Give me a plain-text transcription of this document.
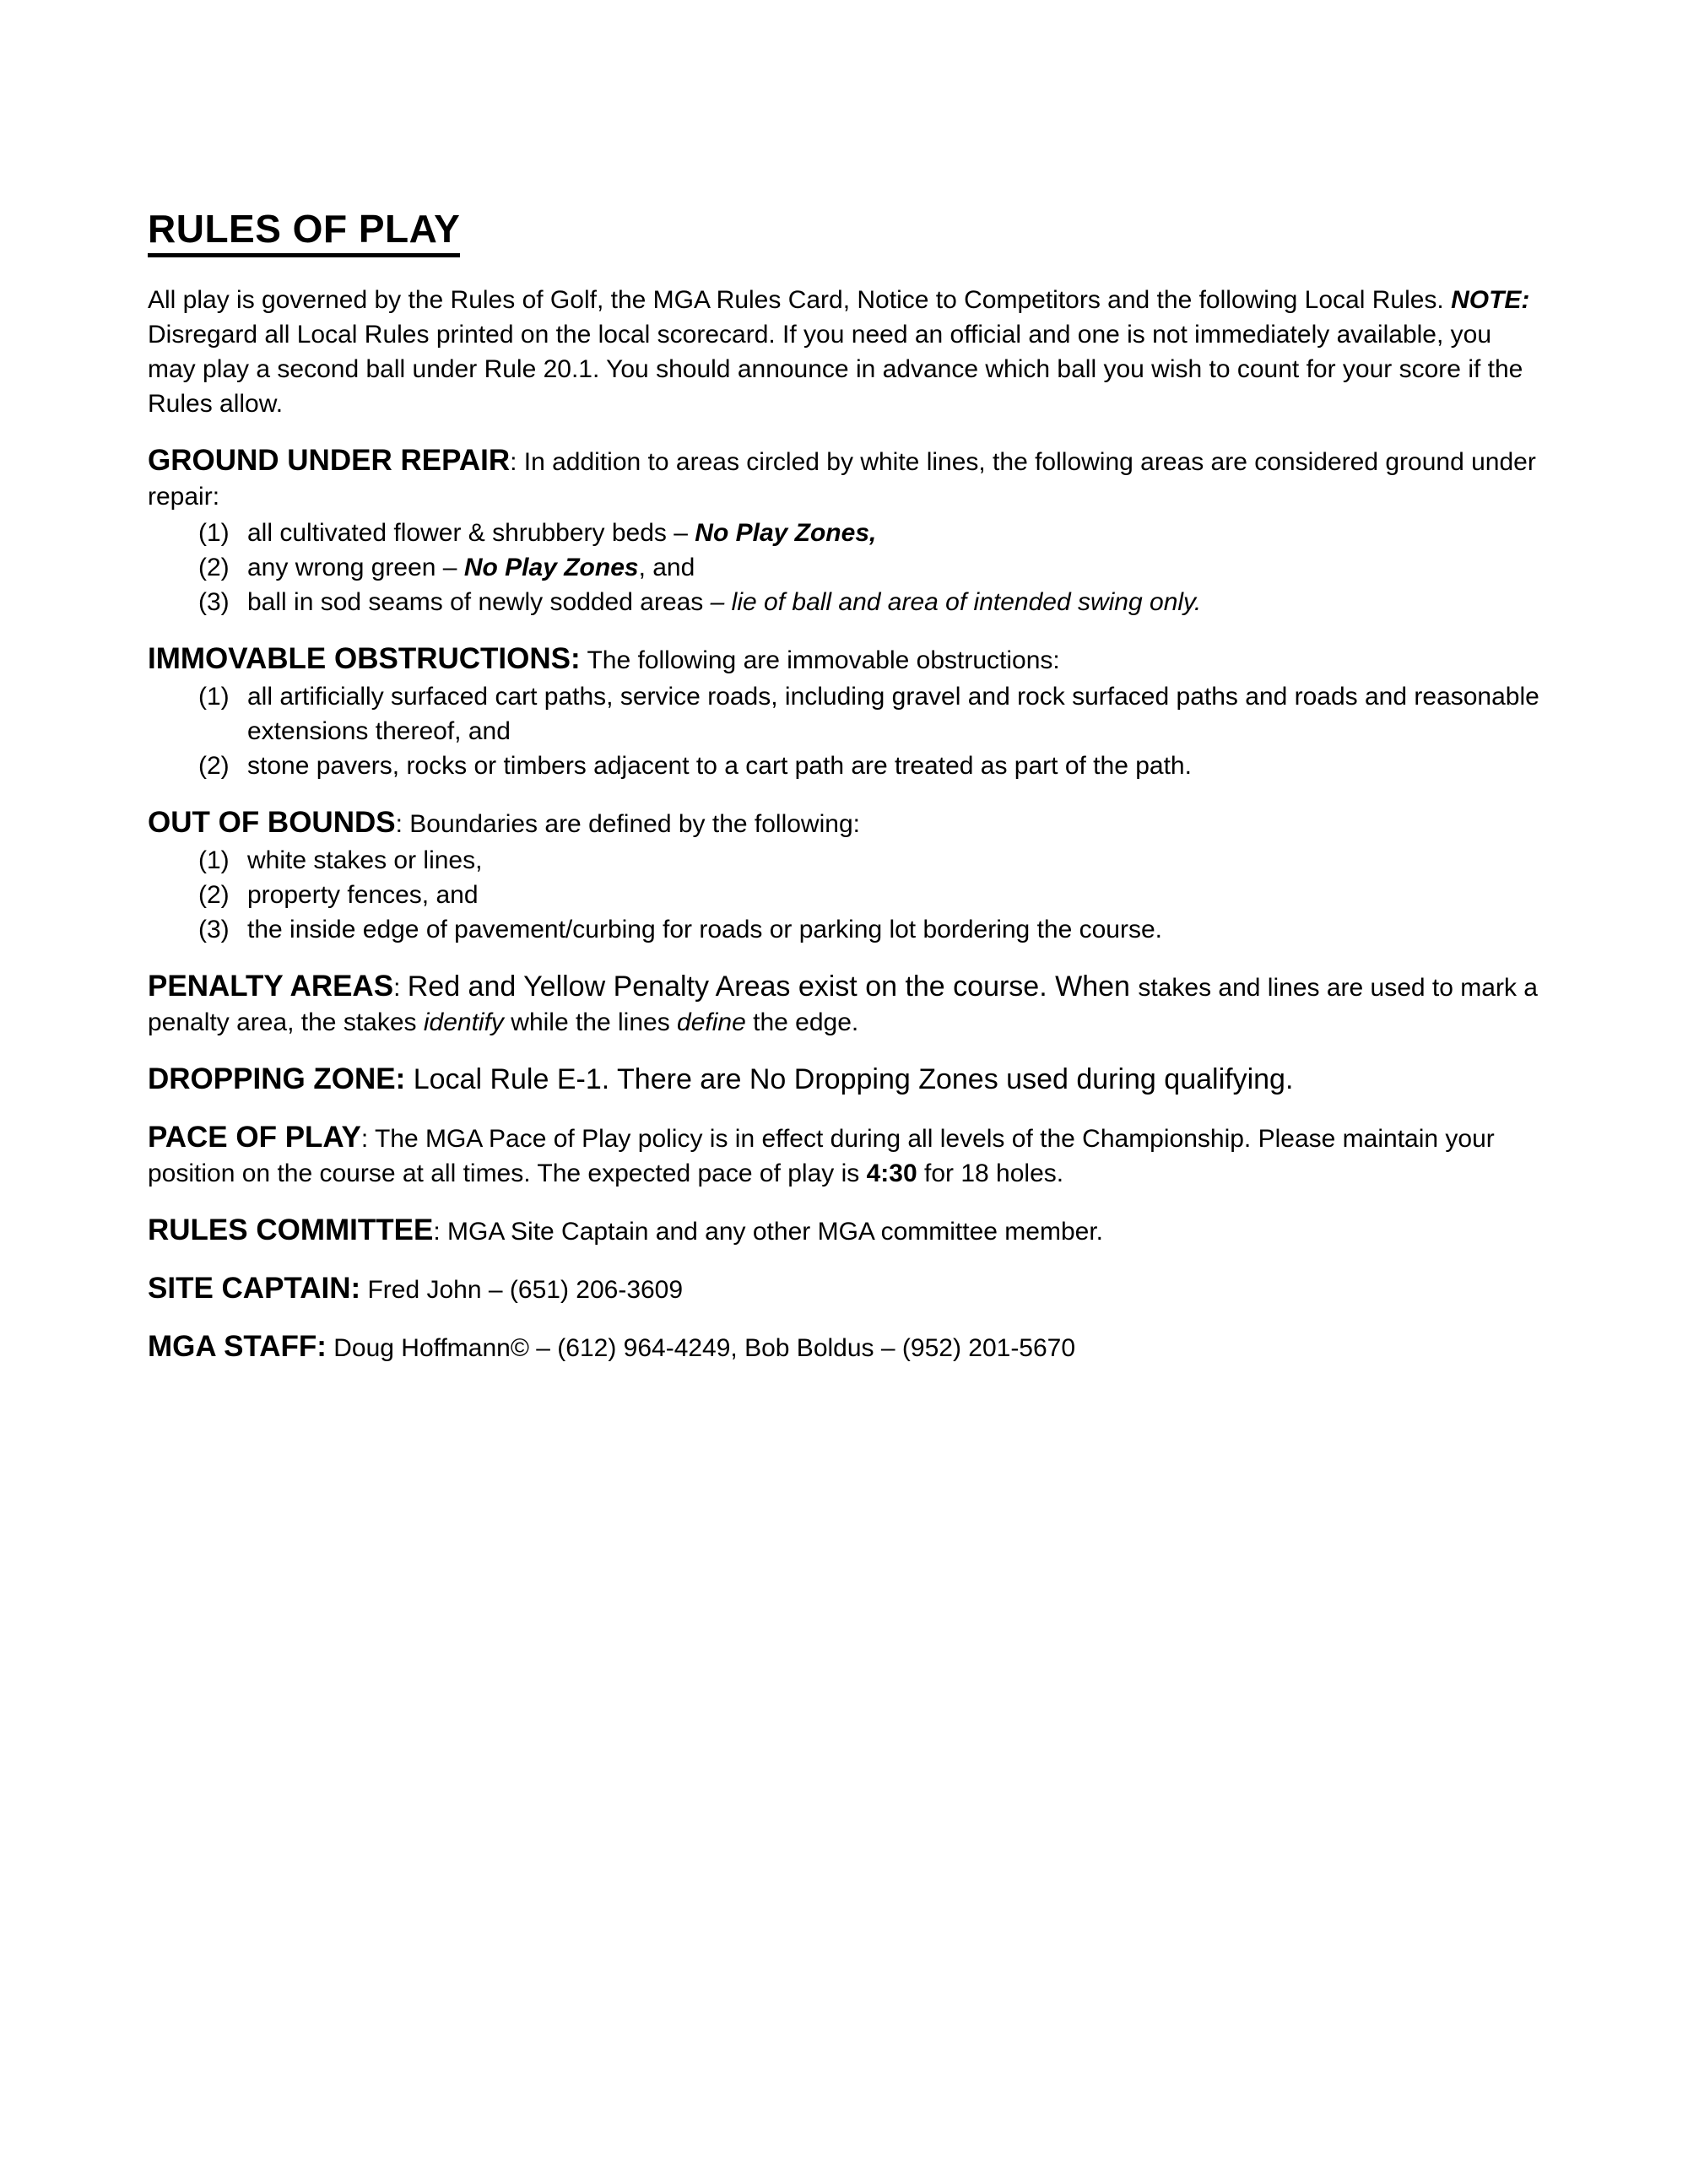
RULES OF PLAY

All play is governed by the Rules of Golf, the MGA Rules Card, Notice to Competitors and the following Local Rules. NOTE: Disregard all Local Rules printed on the local scorecard. If you need an official and one is not immediately available, you may play a second ball under Rule 20.1. You should announce in advance which ball you wish to count for your score if the Rules allow.

GROUND UNDER REPAIR: In addition to areas circled by white lines, the following areas are considered ground under repair:

(1) all cultivated flower & shrubbery beds – No Play Zones,
(2) any wrong green – No Play Zones, and
(3) ball in sod seams of newly sodded areas – lie of ball and area of intended swing only.

IMMOVABLE OBSTRUCTIONS: The following are immovable obstructions:

(1) all artificially surfaced cart paths, service roads, including gravel and rock surfaced paths and roads and reasonable extensions thereof, and
(2) stone pavers, rocks or timbers adjacent to a cart path are treated as part of the path.

OUT OF BOUNDS: Boundaries are defined by the following:

(1) white stakes or lines,
(2) property fences, and
(3) the inside edge of pavement/curbing for roads or parking lot bordering the course.

PENALTY AREAS: Red and Yellow Penalty Areas exist on the course. When stakes and lines are used to mark a penalty area, the stakes identify while the lines define the edge.

DROPPING ZONE: Local Rule E-1. There are No Dropping Zones used during qualifying.

PACE OF PLAY: The MGA Pace of Play policy is in effect during all levels of the Championship. Please maintain your position on the course at all times. The expected pace of play is 4:30 for 18 holes.

RULES COMMITTEE: MGA Site Captain and any other MGA committee member.

SITE CAPTAIN: Fred John – (651) 206-3609

MGA STAFF: Doug Hoffmann© – (612) 964-4249, Bob Boldus – (952) 201-5670
